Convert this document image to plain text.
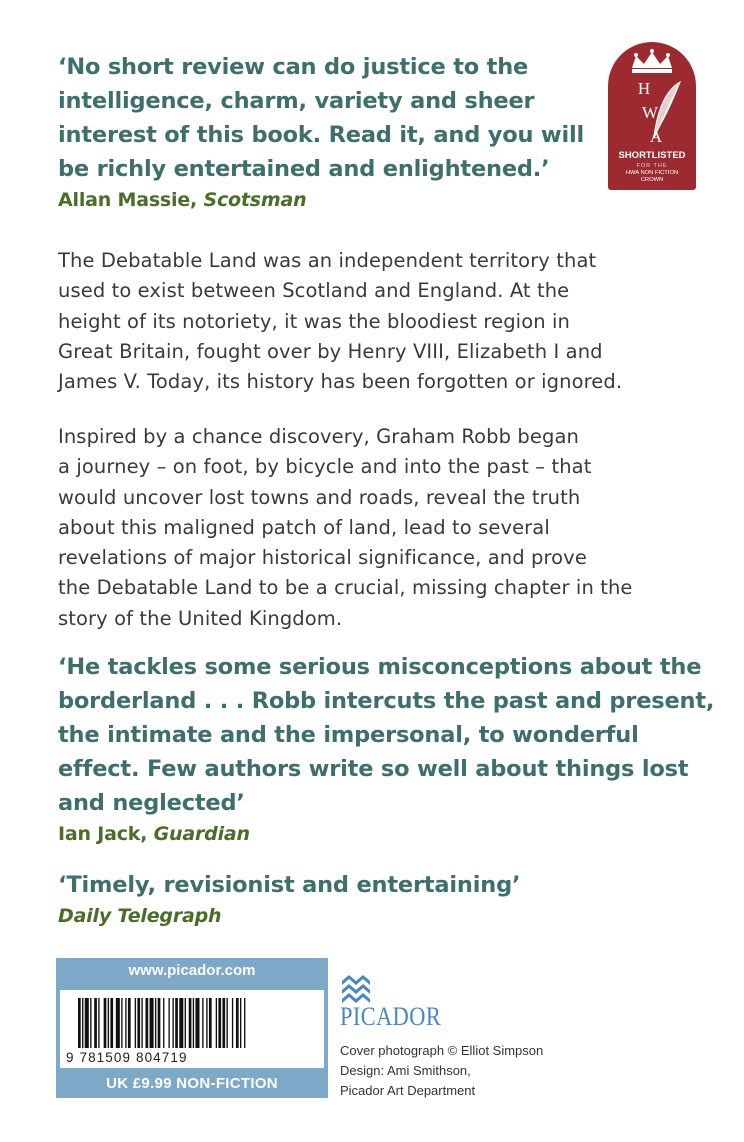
‘No short review can do justice to the
intelligence, charm, variety and sheer
interest of this book. Read it, and you will
be richly entertained and enlightened.’
Allan Massie, Scotsman
H
W
A
SHORTLISTED
FOR THE
HWA NON FICTION
CROWN
The Debatable Land was an independent territory that
used to exist between Scotland and England. At the
height of its notoriety, it was the bloodiest region in
Great Britain, fought over by Henry VIII, Elizabeth I and
James V. Today, its history has been forgotten or ignored.
Inspired by a chance discovery, Graham Robb began
a journey – on foot, by bicycle and into the past – that
would uncover lost towns and roads, reveal the truth
about this maligned patch of land, lead to several
revelations of major historical significance, and prove
the Debatable Land to be a crucial, missing chapter in the
story of the United Kingdom.
‘He tackles some serious misconceptions about the
borderland . . . Robb intercuts the past and present,
the intimate and the impersonal, to wonderful
effect. Few authors write so well about things lost
and neglected’
Ian Jack, Guardian
‘Timely, revisionist and entertaining’
Daily Telegraph
www.picador.com
9 781509 804719
UK £9.99 NON-FICTION
PICADOR
Cover photograph © Elliot Simpson
Design: Ami Smithson,
Picador Art Department
